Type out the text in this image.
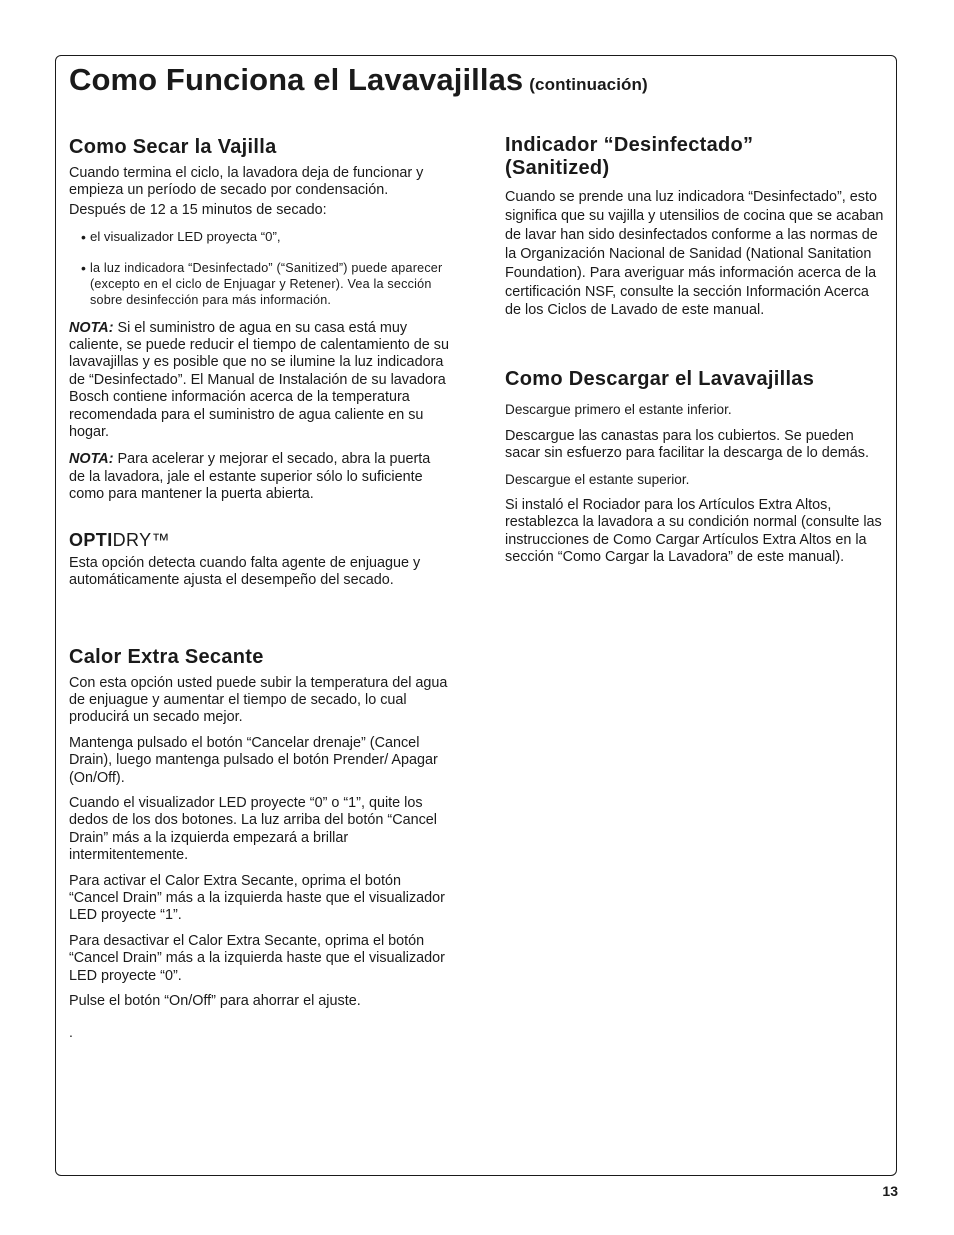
Como Funciona el Lavavajillas (continuación)
Como Secar la Vajilla

Cuando termina el ciclo, la lavadora deja de funcionar y empieza un período de secado por condensación.

Después de 12 a 15 minutos de secado:

• el visualizador LED proyecta “0”,
• la luz indicadora “Desinfectado” (“Sanitized”) puede aparecer (excepto en el ciclo de Enjuagar y Retener). Vea la sección sobre desinfección para más información.

NOTA: Si el suministro de agua en su casa está muy caliente, se puede reducir el tiempo de calentamiento de su lavavajillas y es posible que no se ilumine la luz indicadora de “Desinfectado”. El Manual de Instalación de su lavadora Bosch contiene información acerca de la temperatura recomendada para el suministro de agua caliente en su hogar.

NOTA: Para acelerar y mejorar el secado, abra la puerta de la lavadora, jale el estante superior sólo lo suficiente como para mantener la puerta abierta.

OPTIDRY™

Esta opción detecta cuando falta agente de enjuague y automáticamente ajusta el desempeño del secado.

Calor Extra Secante

Con esta opción usted puede subir la temperatura del agua de enjuague y aumentar el tiempo de secado, lo cual producirá un secado mejor.

Mantenga pulsado el botón “Cancelar drenaje” (Cancel Drain), luego mantenga pulsado el botón Prender/ Apagar (On/Off).

Cuando el visualizador LED proyecte “0” o “1”, quite los dedos de los dos botones. La luz arriba del botón “Cancel Drain” más a la izquierda empezará a brillar intermitentemente.

Para activar el Calor Extra Secante, oprima el botón “Cancel Drain” más a la izquierda haste que el visualizador LED proyecte “1”.

Para desactivar el Calor Extra Secante, oprima el botón “Cancel Drain” más a la izquierda haste que el visualizador LED proyecte “0”.

Pulse el botón “On/Off” para ahorrar el ajuste.

.

Indicador “Desinfectado”
(Sanitized)

Cuando se prende una luz indicadora “Desinfectado”, esto significa que su vajilla y utensilios de cocina que se acaban de lavar han sido desinfectados conforme a las normas de la Organización Nacional de Sanidad (National Sanitation Foundation). Para averiguar más información acerca de la certificación NSF, consulte la sección Información Acerca de los Ciclos de Lavado de este manual.

Como Descargar el Lavavajillas

Descargue primero el estante inferior.

Descargue las canastas para los cubiertos. Se pueden sacar sin esfuerzo para facilitar la descarga de lo demás.

Descargue el estante superior.

Si instaló el Rociador para los Artículos Extra Altos, restablezca la lavadora a su condición normal (consulte las instrucciones de Como Cargar Artículos Extra Altos en la sección “Como Cargar la Lavadora” de este manual).

13
